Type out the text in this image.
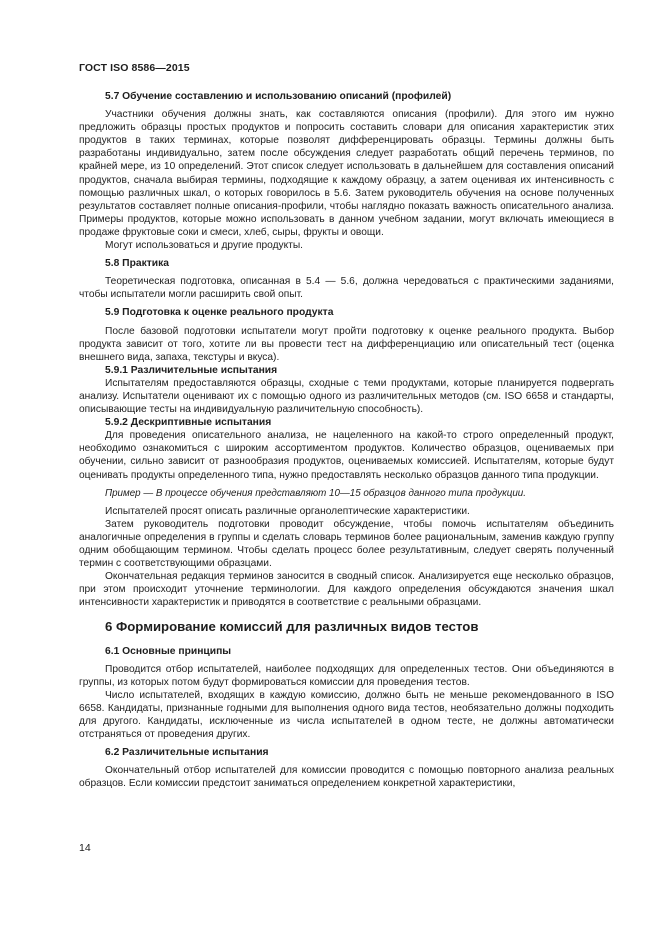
ГОСТ ISO 8586—2015
5.7 Обучение составлению и использованию описаний (профилей)

Участники обучения должны знать, как составляются описания (профили). Для этого им нужно предложить образцы простых продуктов и попросить составить словари для описания характеристик этих продуктов в таких терминах, которые позволят дифференцировать образцы. Термины должны быть разработаны индивидуально, затем после обсуждения следует разработать общий перечень терминов, по крайней мере, из 10 определений. Этот список следует использовать в дальнейшем для составления описаний продуктов, сначала выбирая термины, подходящие к каждому образцу, а затем оценивая их интенсивность с помощью различных шкал, о которых говорилось в 5.6. Затем руководитель обучения на основе полученных результатов составляет полные описания-профили, чтобы наглядно показать важность описательного анализа. Примеры продуктов, которые можно использовать в данном учебном задании, могут включать имеющиеся в продаже фруктовые соки и смеси, хлеб, сыры, фрукты и овощи.

Могут использоваться и другие продукты.

5.8 Практика

Теоретическая подготовка, описанная в 5.4 — 5.6, должна чередоваться с практическими заданиями, чтобы испытатели могли расширить свой опыт.

5.9 Подготовка к оценке реального продукта

После базовой подготовки испытатели могут пройти подготовку к оценке реального продукта. Выбор продукта зависит от того, хотите ли вы провести тест на дифференциацию или описательный тест (оценка внешнего вида, запаха, текстуры и вкуса).

5.9.1 Различительные испытания

Испытателям предоставляются образцы, сходные с теми продуктами, которые планируется подвергать анализу. Испытатели оценивают их с помощью одного из различительных методов (см. ISO 6658 и стандарты, описывающие тесты на индивидуальную различительную способность).

5.9.2 Дескриптивные испытания

Для проведения описательного анализа, не нацеленного на какой-то строго определенный продукт, необходимо ознакомиться с широким ассортиментом продуктов. Количество образцов, оцениваемых при обучении, сильно зависит от разнообразия продуктов, оцениваемых комиссией. Испытателям, которые будут оценивать продукты определенного типа, нужно предоставлять несколько образцов данного типа продукции.

Пример — В процессе обучения представляют 10—15 образцов данного типа продукции.

Испытателей просят описать различные органолептические характеристики.

Затем руководитель подготовки проводит обсуждение, чтобы помочь испытателям объединить аналогичные определения в группы и сделать словарь терминов более рациональным, заменив каждую группу одним обобщающим термином. Чтобы сделать процесс более результативным, следует сверять полученный термин с соответствующими образцами.

Окончательная редакция терминов заносится в сводный список. Анализируется еще несколько образцов, при этом происходит уточнение терминологии. Для каждого определения обсуждаются значения шкал интенсивности характеристик и приводятся в соответствие с реальными образцами.

6 Формирование комиссий для различных видов тестов
6.1 Основные принципы

Проводится отбор испытателей, наиболее подходящих для определенных тестов. Они объединяются в группы, из которых потом будут формироваться комиссии для проведения тестов.

Число испытателей, входящих в каждую комиссию, должно быть не меньше рекомендованного в ISO 6658. Кандидаты, признанные годными для выполнения одного вида тестов, необязательно должны подходить для другого. Кандидаты, исключенные из числа испытателей в одном тесте, не должны автоматически отстраняться от проведения других.

6.2 Различительные испытания

Окончательный отбор испытателей для комиссии проводится с помощью повторного анализа реальных образцов. Если комиссии предстоит заниматься определением конкретной характеристики,

14
